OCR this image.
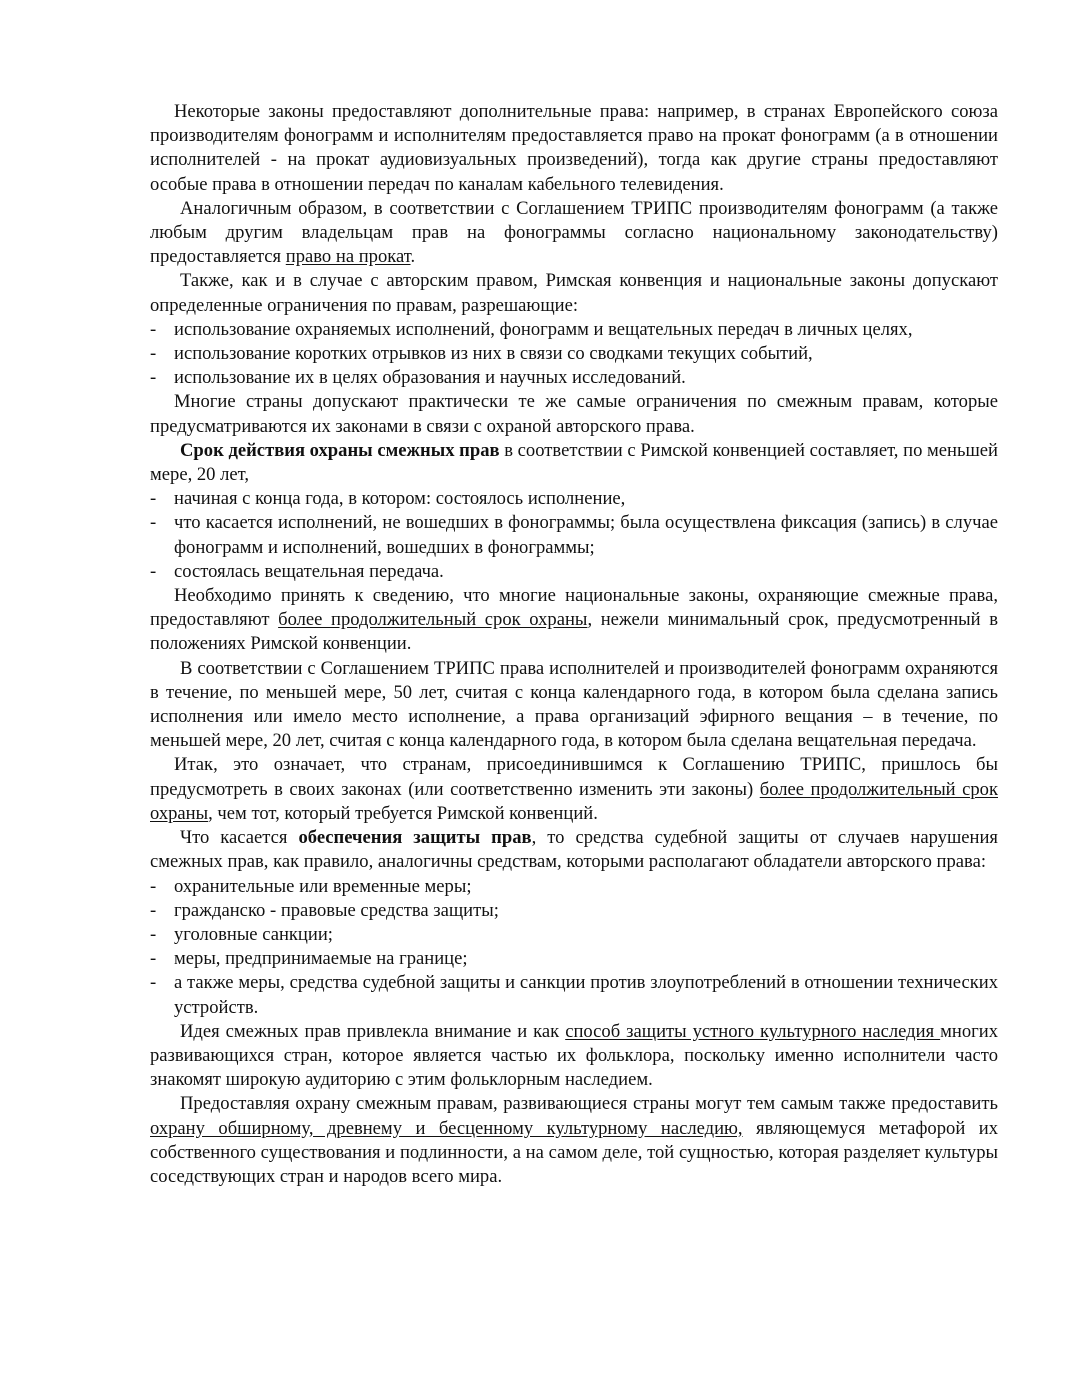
Некоторые законы предоставляют дополнительные права: например, в странах Европейского союза производителям фонограмм и исполнителям предоставляется право на прокат фонограмм (а в отношении исполнителей - на прокат аудиовизуальных произведений), тогда как другие страны предоставляют особые права в отношении передач по каналам кабельного телевидения.

Аналогичным образом, в соответствии с Соглашением ТРИПС производителям фонограмм (а также любым другим владельцам прав на фонограммы согласно национальному законодательству) предоставляется право на прокат.

Также, как и в случае с авторским правом, Римская конвенция и национальные законы допускают определенные ограничения по правам, разрешающие:

- использование охраняемых исполнений, фонограмм и вещательных передач в личных целях,

- использование коротких отрывков из них в связи со сводками текущих событий,

- использование их в целях образования и научных исследований.

Многие страны допускают практически те же самые ограничения по смежным правам, которые предусматриваются их законами в связи с охраной авторского права.

Срок действия охраны смежных прав в соответствии с Римской конвенцией составляет, по меньшей мере, 20 лет,

- начиная с конца года, в котором: состоялось исполнение,

- что касается исполнений, не вошедших в фонограммы; была осуществлена фиксация (запись) в случае фонограмм и исполнений, вошедших в фонограммы;

- состоялась вещательная передача.

Необходимо принять к сведению, что многие национальные законы, охраняющие смежные права, предоставляют более продолжительный срок охраны, нежели минимальный срок, предусмотренный в положениях Римской конвенции.

В соответствии с Соглашением ТРИПС права исполнителей и производителей фонограмм охраняются в течение, по меньшей мере, 50 лет, считая с конца календарного года, в котором была сделана запись исполнения или имело место исполнение, а права организаций эфирного вещания – в течение, по меньшей мере, 20 лет, считая с конца календарного года, в котором была сделана вещательная передача.

Итак, это означает, что странам, присоединившимся к Соглашению ТРИПС, пришлось бы предусмотреть в своих законах (или соответственно изменить эти законы) более продолжительный срок охраны, чем тот, который требуется Римской конвенций.

Что касается обеспечения защиты прав, то средства судебной защиты от случаев нарушения смежных прав, как правило, аналогичны средствам, которыми располагают обладатели авторского права:

- охранительные или временные меры;

- гражданско - правовые средства защиты;

- уголовные санкции;

- меры, предпринимаемые на границе;

- а также меры, средства судебной защиты и санкции против злоупотреблений в отношении технических устройств.

Идея смежных прав привлекла внимание и как способ защиты устного культурного наследия многих развивающихся стран, которое является частью их фольклора, поскольку именно исполнители часто знакомят широкую аудиторию с этим фольклорным наследием.

Предоставляя охрану смежным правам, развивающиеся страны могут тем самым также предоставить охрану обширному, древнему и бесценному культурному наследию, являющемуся метафорой их собственного существования и подлинности, а на самом деле, той сущностью, которая разделяет культуры соседствующих стран и народов всего мира.
